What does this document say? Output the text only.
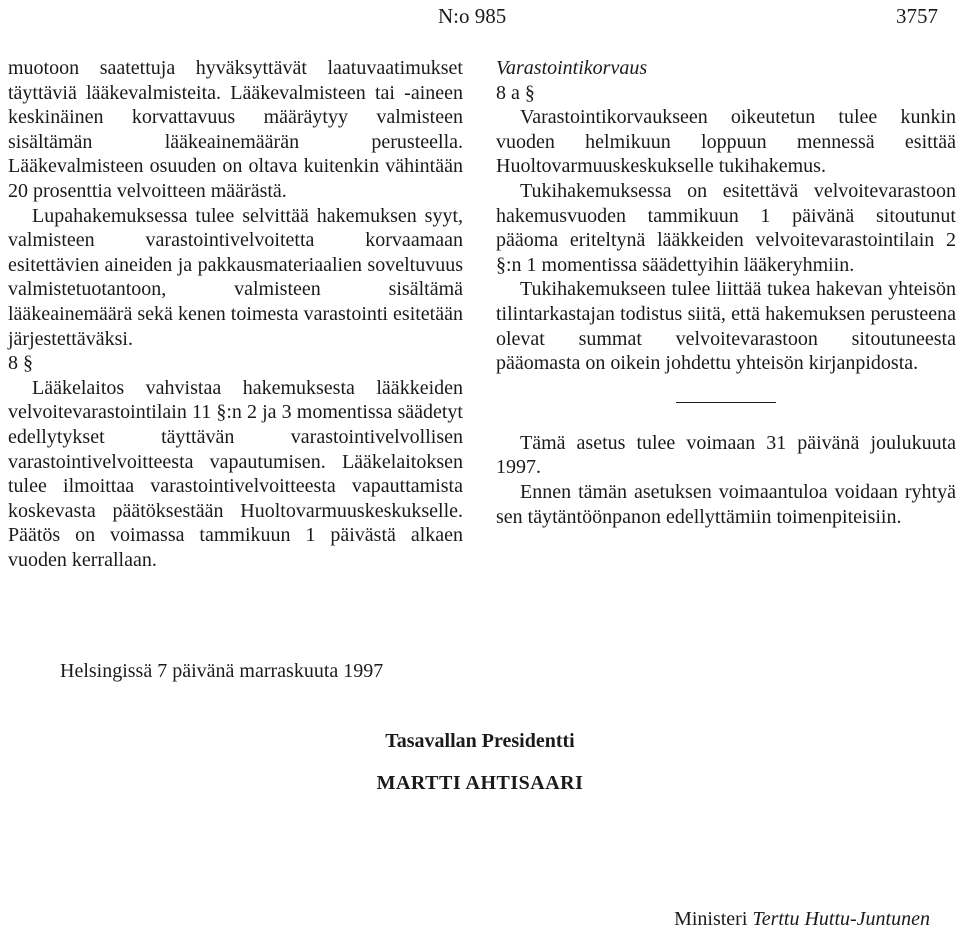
N:o 985	3757

muotoon saatettuja hyväksyttävät laatuvaatimukset täyttäviä lääkevalmisteita. Lääkevalmisteen tai -aineen keskinäinen korvattavuus määräytyy valmisteen sisältämän lääkeainemäärän perusteella. Lääkevalmisteen osuuden on oltava kuitenkin vähintään 20 prosenttia velvoitteen määrästä.

Lupahakemuksessa tulee selvittää hakemuksen syyt, valmisteen varastointivelvoitetta korvaamaan esitettävien aineiden ja pakkausmateriaalien soveltuvuus valmistetuotantoon, valmisteen sisältämä lääkeainemäärä sekä kenen toimesta varastointi esitetään järjestettäväksi.

8 §

Lääkelaitos vahvistaa hakemuksesta lääkkeiden velvoitevarastointilain 11 §:n 2 ja 3 momentissa säädetyt edellytykset täyttävän varastointivelvollisen varastointivelvoitteesta vapautumisen. Lääkelaitoksen tulee ilmoittaa varastointivelvoitteesta vapauttamista koskevasta päätöksestään Huoltovarmuuskeskukselle. Päätös on voimassa tammikuun 1 päivästä alkaen vuoden kerrallaan.

Varastointikorvaus

8 a §

Varastointikorvaukseen oikeutetun tulee kunkin vuoden helmikuun loppuun mennessä esittää Huoltovarmuuskeskukselle tukihakemus.

Tukihakemuksessa on esitettävä velvoitevarastoon hakemusvuoden tammikuun 1 päivänä sitoutunut pääoma eriteltynä lääkkeiden velvoitevarastointilain 2 §:n 1 momentissa säädettyihin lääkeryhmiin.

Tukihakemukseen tulee liittää tukea hakevan yhteisön tilintarkastajan todistus siitä, että hakemuksen perusteena olevat summat velvoitevarastoon sitoutuneesta pääomasta on oikein johdettu yhteisön kirjanpidosta.

Tämä asetus tulee voimaan 31 päivänä joulukuuta 1997.

Ennen tämän asetuksen voimaantuloa voidaan ryhtyä sen täytäntöönpanon edellyttämiin toimenpiteisiin.

Helsingissä 7 päivänä marraskuuta 1997
Tasavallan Presidentti
MARTTI AHTISAARI
Ministeri Terttu Huttu-Juntunen
